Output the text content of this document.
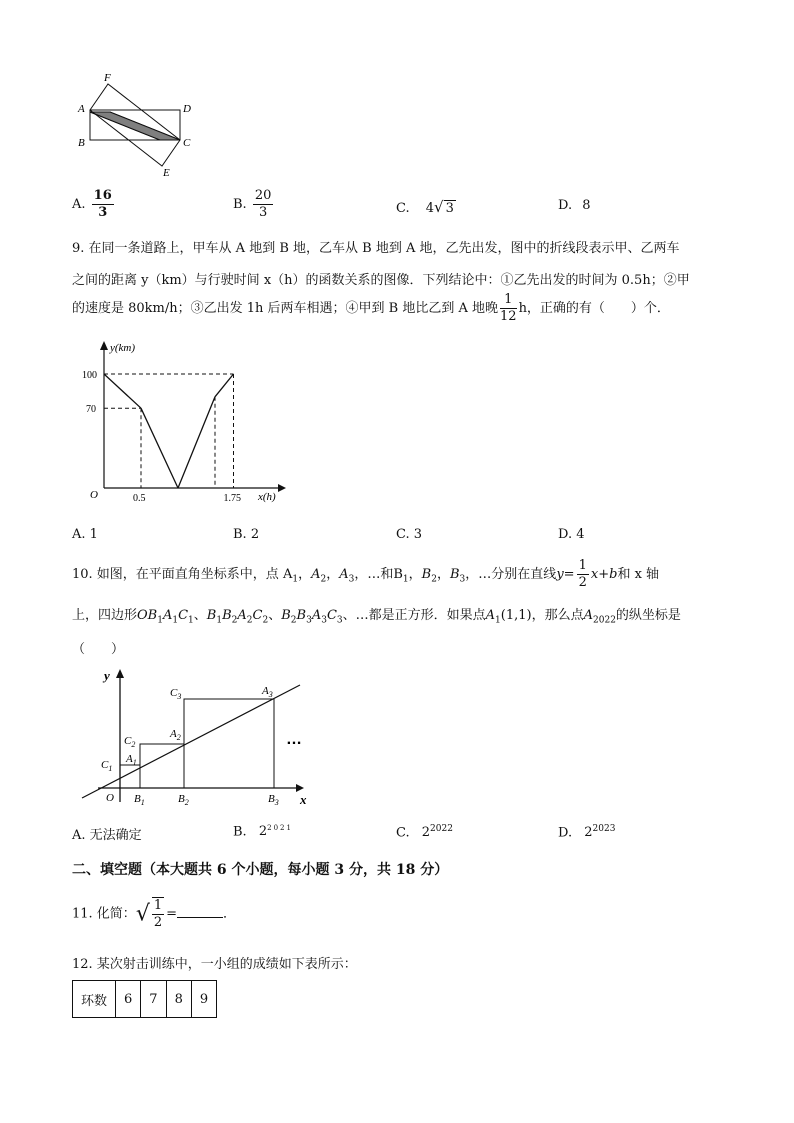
F
A	D
B	C
E
A. $\frac{16}{3}$	B. $\frac{20}{3}$	C. 4√ 3	D. 8
9. 在同一条道路上，甲车从 A 地到 B 地，乙车从 B 地到 A 地，乙先出发，图中的折线段表示甲、乙两车
之间的距离 y（km）与行驶时间 x（h）的函数关系的图像．下列结论中：①乙先出发的时间为 0.5h；②甲
的速度是 80km/h；③乙出发 1h 后两车相遇；④甲到 B 地比乙到 A 地晚 $\frac{1}{12}$ h，正确的有（　　）个．
y(km)
x(h)
O
100
70
0.5	1.75
A. 1	B. 2	C. 3	D. 4
10. 如图，在平面直角坐标系中，点 $A_1$，$A_2$，$A_3$，…和$B_1$，$B_2$，$B_3$，…分别在直线$y= \frac{1}{2} x+b$和 x 轴
上，四边形$OB_1A_1C_1$、$B_1B_2A_2C_2$、$B_2B_3A_3C_3$、…都是正方形．如果点$A_1(1,1)$，那么点$A_{2022}$的纵坐标是
（　　）
y
x
O
$C_1$
$A_1$
$C_2$
$A_2$
$C_3$	$A_3$
$B_1$	$B_2$	$B_3$
…
A. 无法确定	B. $2^{2021}$	C. $2^{2022}$	D. $2^{2023}$
二、填空题（本大题共 6 个小题，每小题 3 分，共 18 分）
11. 化简：√ $\frac{1}{2}$ =	．
12. 某次射击训练中，一小组的成绩如下表所示：
环数	6	7	8	9
